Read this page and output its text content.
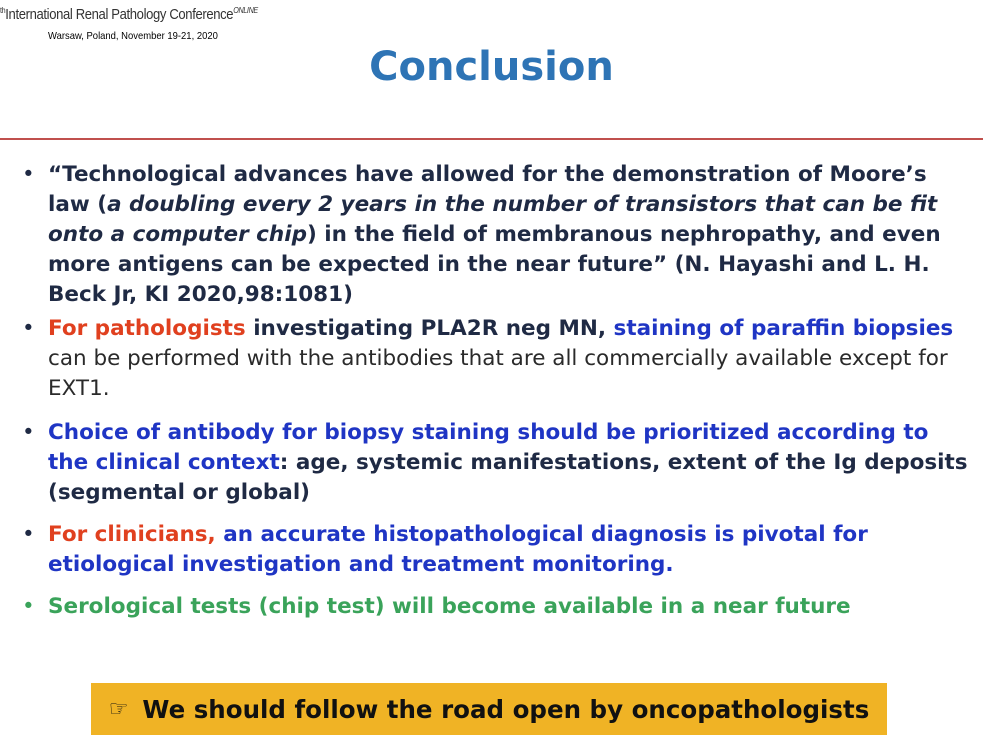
$^{th}$International Renal Pathology Conference$^{ONLINE}$
Warsaw, Poland, November 19-21, 2020
Conclusion
• “Technological advances have allowed for the demonstration of Moore’s law (a doubling every 2 years in the number of transistors that can be fit onto a computer chip) in the field of membranous nephropathy, and even more antigens can be expected in the near future” (N. Hayashi and L. H. Beck Jr, KI 2020,98:1081)
• For pathologists investigating PLA2R neg MN, staining of paraffin biopsies can be performed with the antibodies that are all commercially available except for EXT1.
• Choice of antibody for biopsy staining should be prioritized according to the clinical context: age, systemic manifestations, extent of the Ig deposits (segmental or global)
• For clinicians, an accurate histopathological diagnosis is pivotal for etiological investigation and treatment monitoring.
• Serological tests (chip test) will become available in a near future
☞ We should follow the road open by oncopathologists
